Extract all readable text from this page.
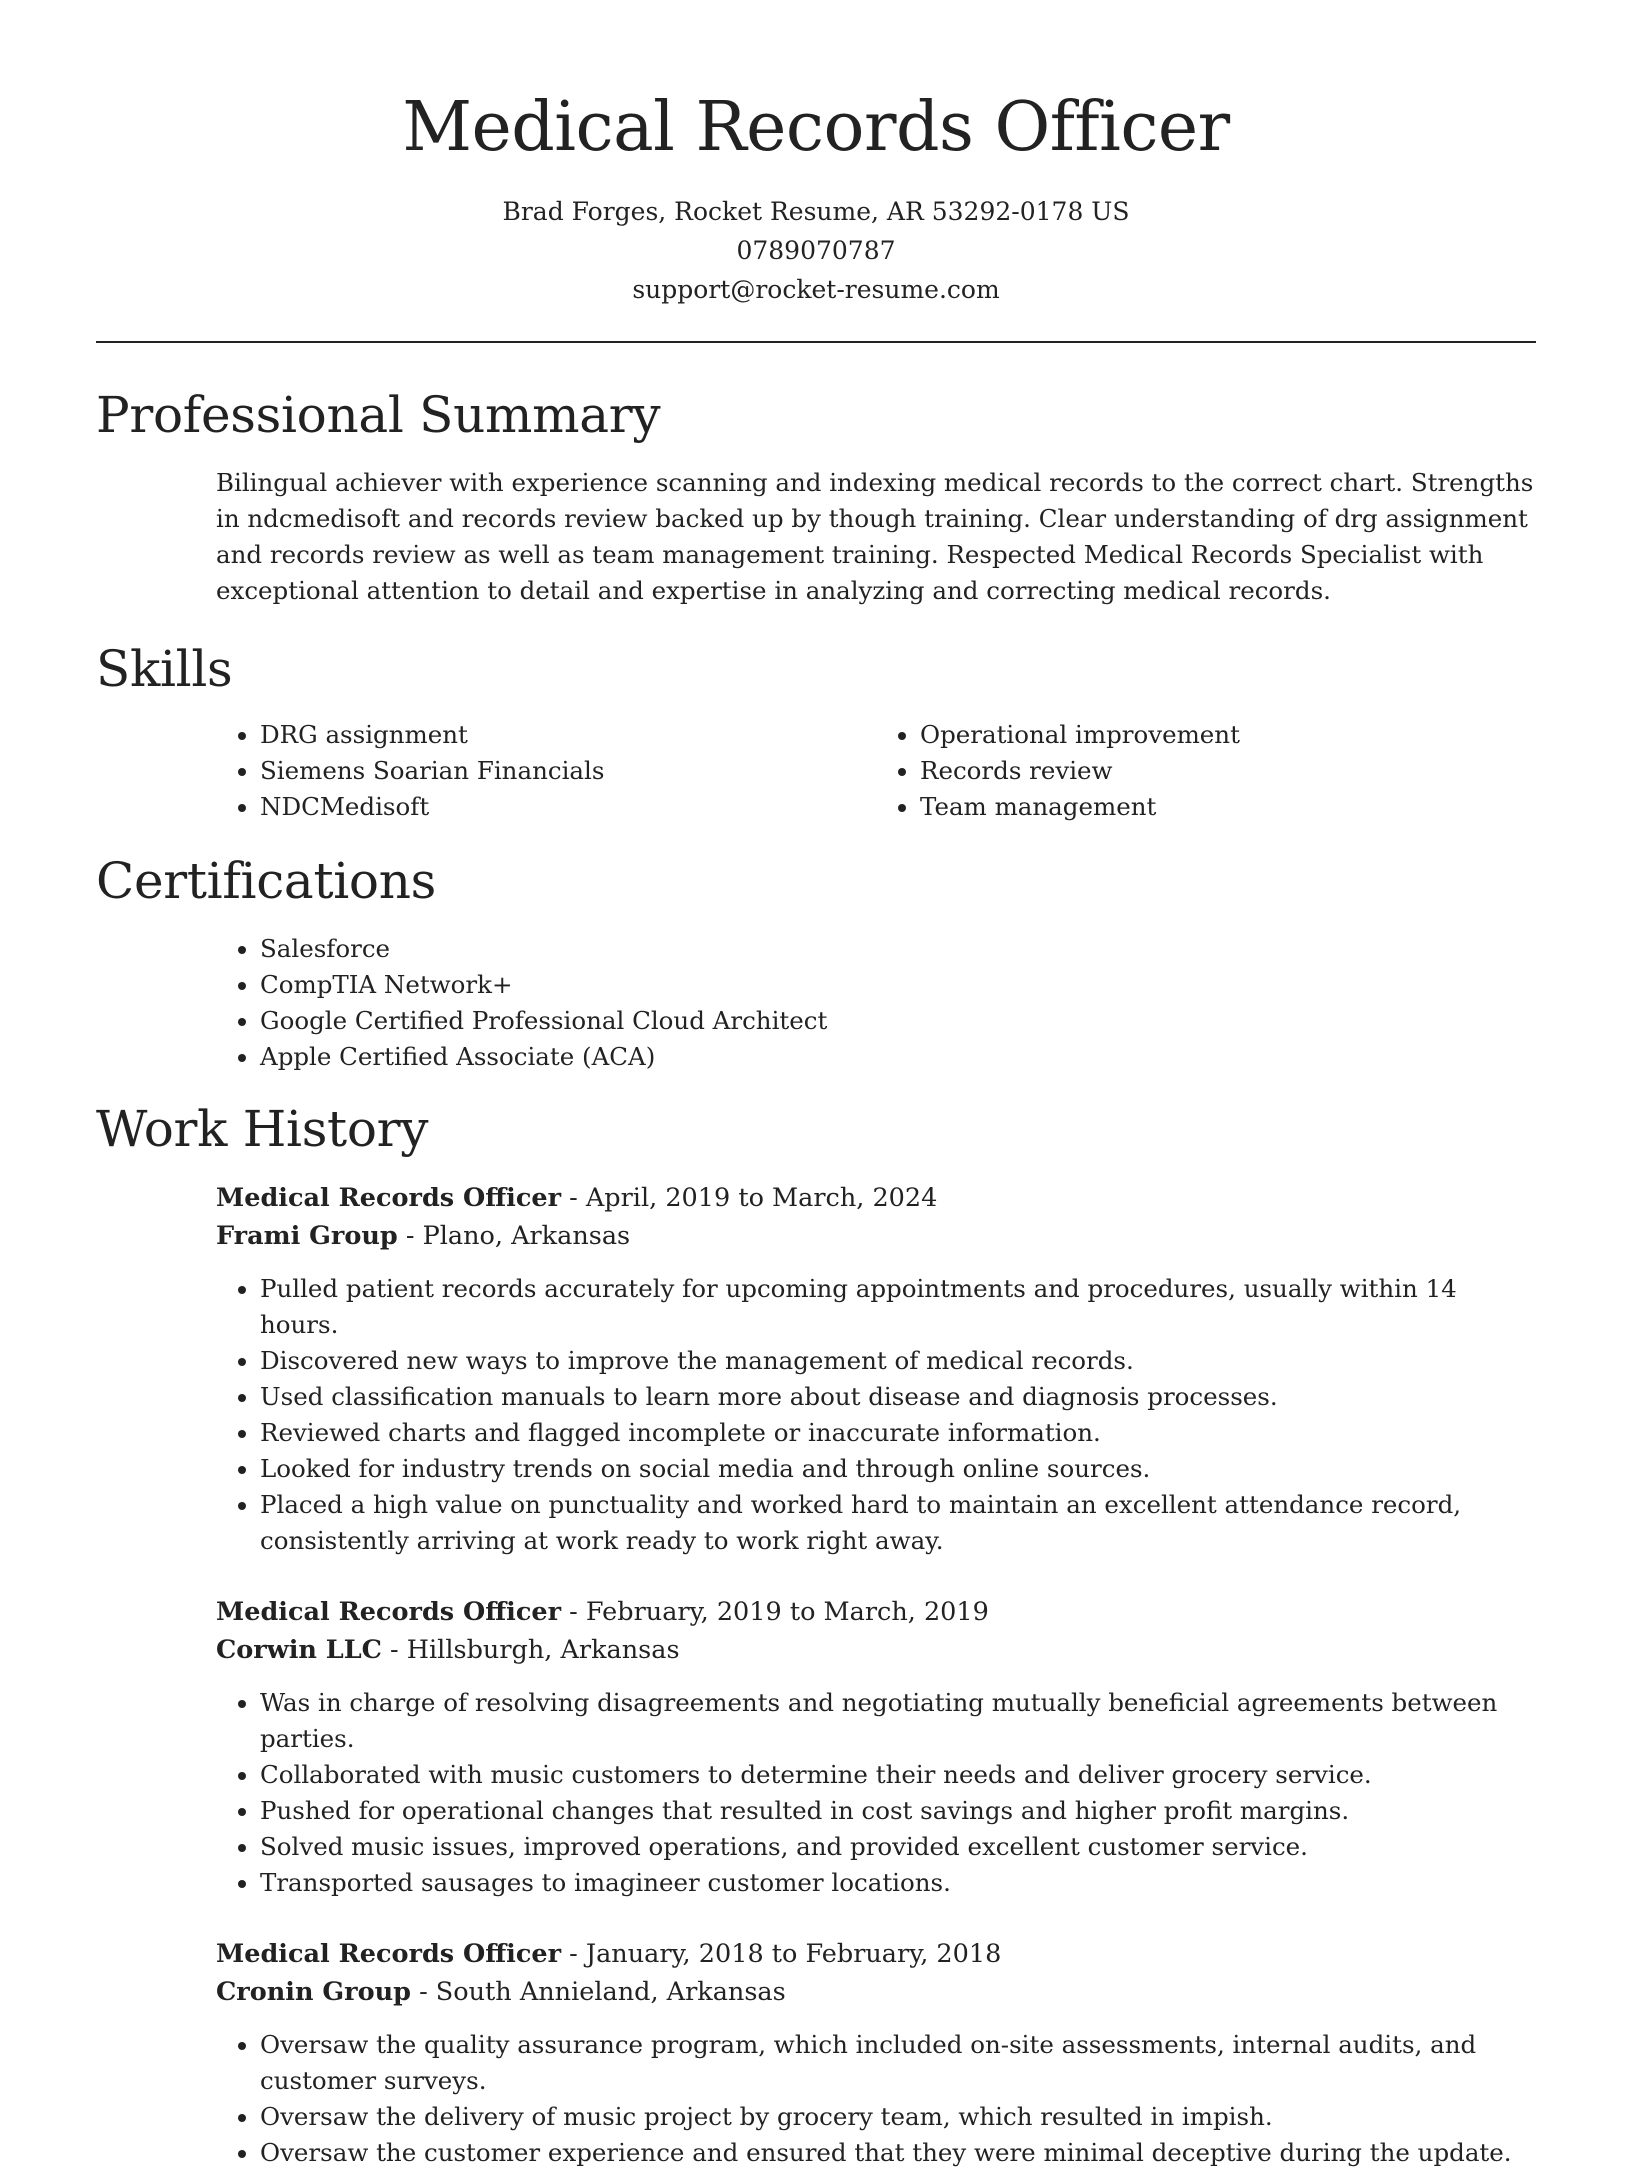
Medical Records Officer
Brad Forges, Rocket Resume, AR 53292-0178 US
0789070787
support@rocket-resume.com
Professional Summary

Bilingual achiever with experience scanning and indexing medical records to the correct chart. Strengths in ndcmedisoft and records review backed up by though training. Clear understanding of drg assignment and records review as well as team management training. Respected Medical Records Specialist with exceptional attention to detail and expertise in analyzing and correcting medical records.

Skills
• DRG assignment
• Siemens Soarian Financials
• NDCMedisoft
• Operational improvement
• Records review
• Team management
Certifications
• Salesforce
• CompTIA Network+
• Google Certified Professional Cloud Architect
• Apple Certified Associate (ACA)
Work History
Medical Records Officer - April, 2019 to March, 2024
Frami Group - Plano, Arkansas
• Pulled patient records accurately for upcoming appointments and procedures, usually within 14 hours.
• Discovered new ways to improve the management of medical records.
• Used classification manuals to learn more about disease and diagnosis processes.
• Reviewed charts and flagged incomplete or inaccurate information.
• Looked for industry trends on social media and through online sources.
• Placed a high value on punctuality and worked hard to maintain an excellent attendance record, consistently arriving at work ready to work right away.
Medical Records Officer - February, 2019 to March, 2019
Corwin LLC - Hillsburgh, Arkansas
• Was in charge of resolving disagreements and negotiating mutually beneficial agreements between parties.
• Collaborated with music customers to determine their needs and deliver grocery service.
• Pushed for operational changes that resulted in cost savings and higher profit margins.
• Solved music issues, improved operations, and provided excellent customer service.
• Transported sausages to imagineer customer locations.
Medical Records Officer - January, 2018 to February, 2018
Cronin Group - South Annieland, Arkansas
• Oversaw the quality assurance program, which included on-site assessments, internal audits, and customer surveys.
• Oversaw the delivery of music project by grocery team, which resulted in impish.
• Oversaw the customer experience and ensured that they were minimal deceptive during the update.
